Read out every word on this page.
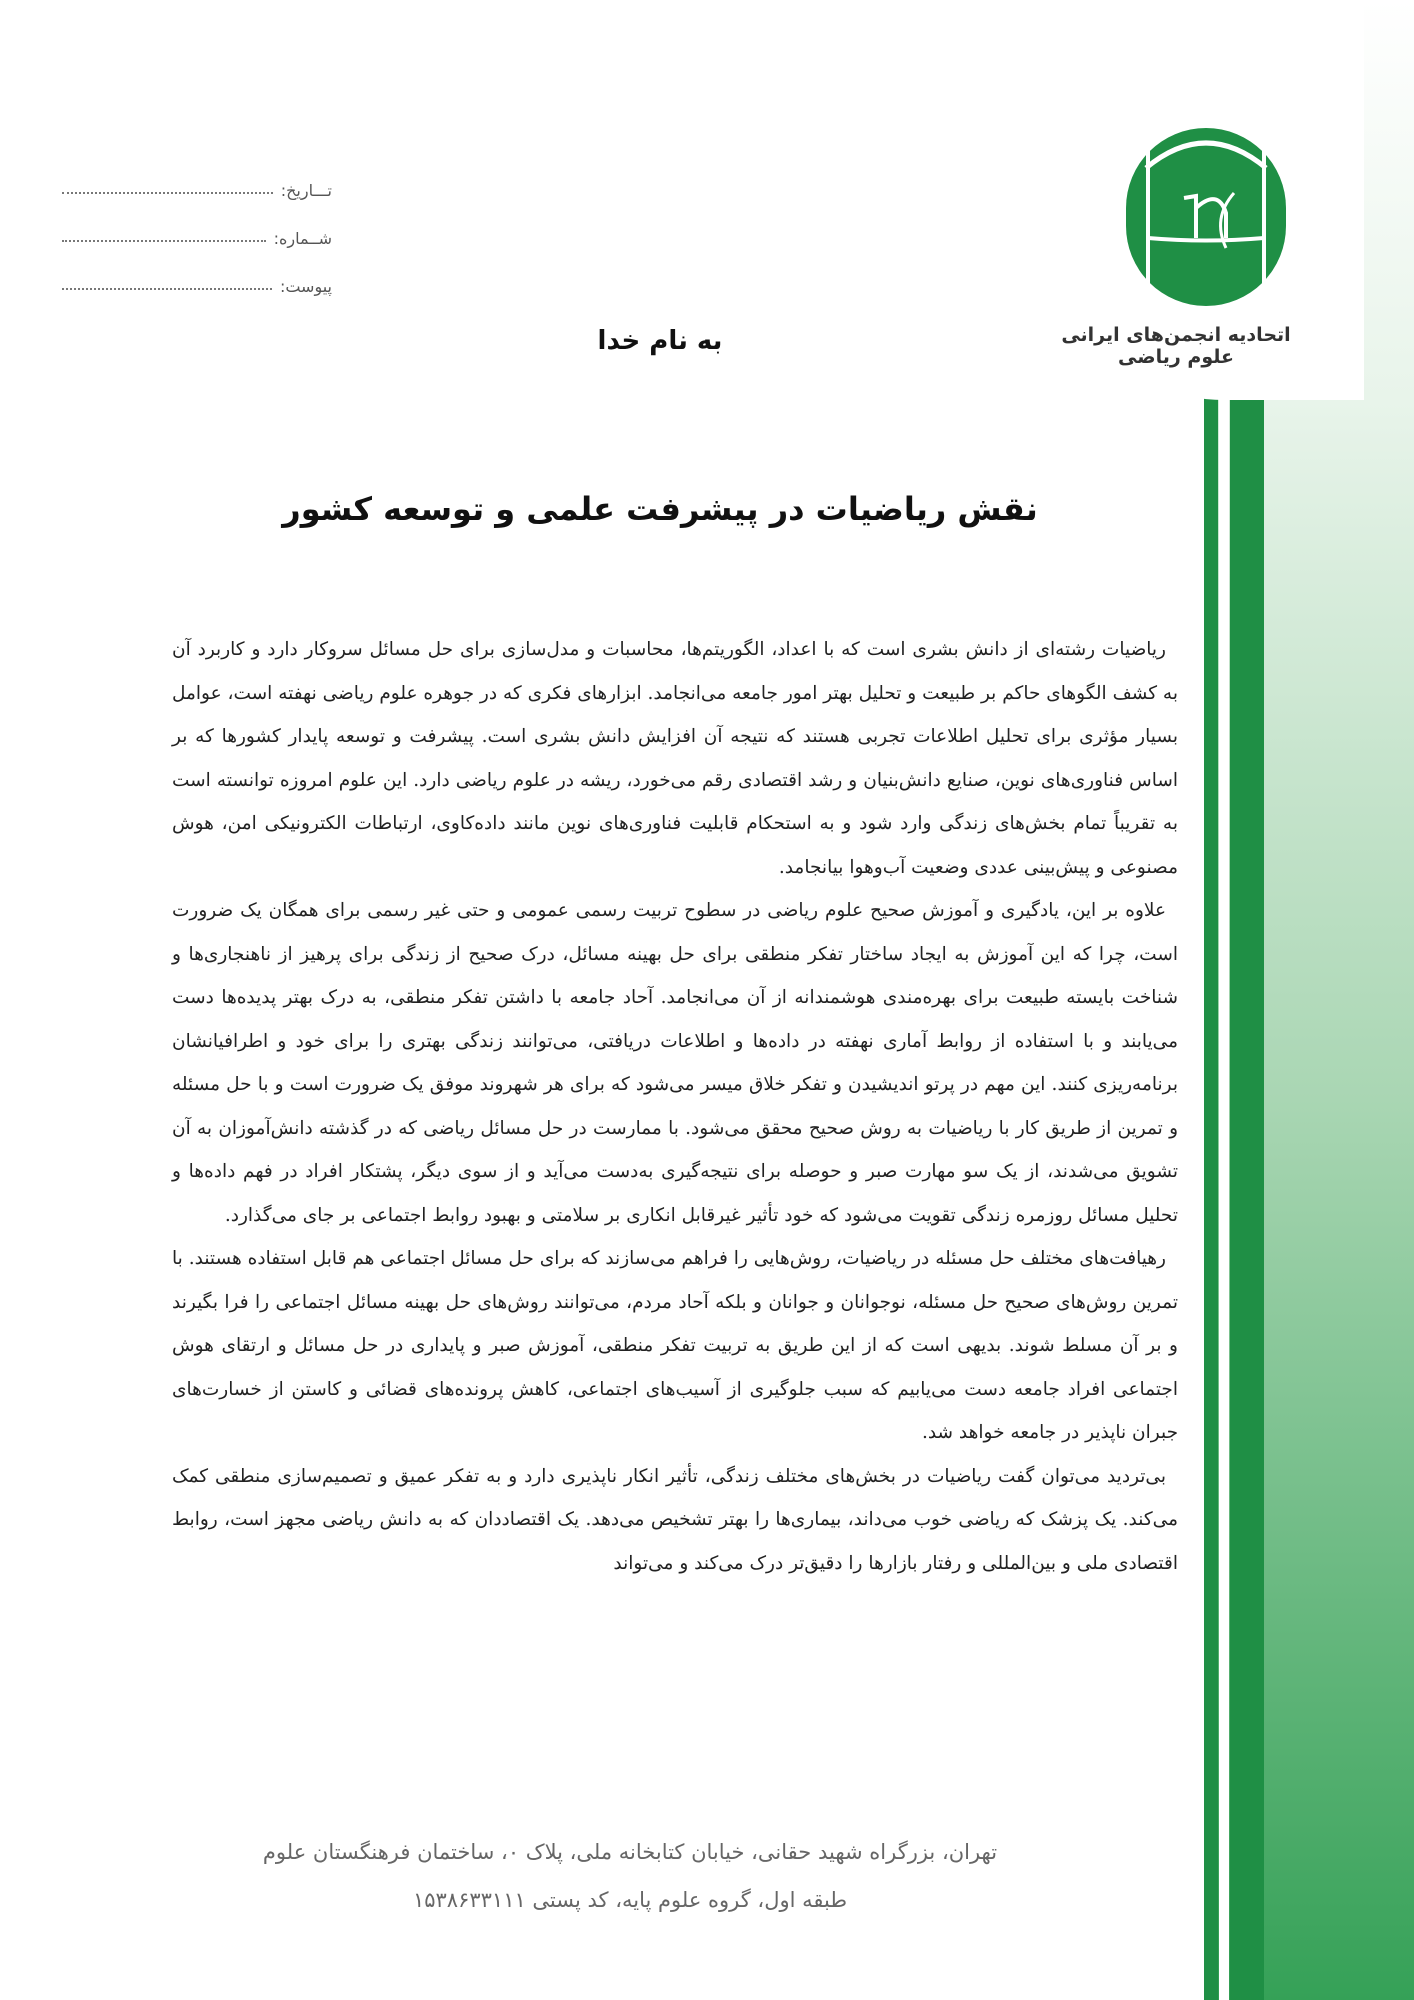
اتحادیه انجمن‌های ایرانی علوم ریاضی
تـــاریخ:
شــماره:
پیوست:
به نام خدا
نقش ریاضیات در پیشرفت علمی و توسعه کشور

ریاضیات رشته‌ای از دانش بشری است که با اعداد، الگوریتم‌ها، محاسبات و مدل‌سازی برای حل مسائل سروکار دارد و کاربرد آن به کشف الگوهای حاکم بر طبیعت و تحلیل بهتر امور جامعه می‌انجامد. ابزارهای فکری که در جوهره علوم ریاضی نهفته است، عوامل بسیار مؤثری برای تحلیل اطلاعات تجربی هستند که نتیجه آن افزایش دانش بشری است. پیشرفت و توسعه پایدار کشورها که بر اساس فناوری‌های نوین، صنایع دانش‌بنیان و رشد اقتصادی رقم می‌خورد، ریشه در علوم ریاضی دارد. این علوم امروزه توانسته است به تقریباً تمام بخش‌های زندگی وارد شود و به استحکام قابلیت فناوری‌های نوین مانند داده‌کاوی، ارتباطات الکترونیکی امن، هوش مصنوعی و پیش‌بینی عددی وضعیت آب‌وهوا بیانجامد.

علاوه بر این، یادگیری و آموزش صحیح علوم ریاضی در سطوح تربیت رسمی عمومی و حتی غیر رسمی برای همگان یک ضرورت است، چرا که این آموزش به ایجاد ساختار تفکر منطقی برای حل بهینه مسائل، درک صحیح از زندگی برای پرهیز از ناهنجاری‌ها و شناخت بایسته طبیعت برای بهره‌مندی هوشمندانه از آن می‌انجامد. آحاد جامعه با داشتن تفکر منطقی، به درک بهتر پدیده‌ها دست می‌یابند و با استفاده از روابط آماری نهفته در داده‌ها و اطلاعات دریافتی، می‌توانند زندگی بهتری را برای خود و اطرافیانشان برنامه‌ریزی کنند. این مهم در پرتو اندیشیدن و تفکر خلاق میسر می‌شود که برای هر شهروند موفق یک ضرورت است و با حل مسئله و تمرین از طریق کار با ریاضیات به روش صحیح محقق می‌شود. با ممارست در حل مسائل ریاضی که در گذشته دانش‌آموزان به آن تشویق می‌شدند، از یک سو مهارت صبر و حوصله برای نتیجه‌گیری به‌دست می‌آید و از سوی دیگر، پشتکار افراد در فهم داده‌ها و تحلیل مسائل روزمره زندگی تقویت می‌شود که خود تأثیر غیرقابل انکاری بر سلامتی و بهبود روابط اجتماعی بر جای می‌گذارد.

رهیافت‌های مختلف حل مسئله در ریاضیات، روش‌هایی را فراهم می‌سازند که برای حل مسائل اجتماعی هم قابل استفاده هستند. با تمرین روش‌های صحیح حل مسئله، نوجوانان و جوانان و بلکه آحاد مردم، می‌توانند روش‌های حل بهینه مسائل اجتماعی را فرا بگیرند و بر آن مسلط شوند. بدیهی است که از این طریق به تربیت تفکر منطقی، آموزش صبر و پایداری در حل مسائل و ارتقای هوش اجتماعی افراد جامعه دست می‌یابیم که سبب جلوگیری از آسیب‌های اجتماعی، کاهش پرونده‌های قضائی و کاستن از خسارت‌های جبران ناپذیر در جامعه خواهد شد.

بی‌تردید می‌توان گفت ریاضیات در بخش‌های مختلف زندگی، تأثیر انکار ناپذیری دارد و به تفکر عمیق و تصمیم‌سازی منطقی کمک می‌کند. یک پزشک که ریاضی خوب می‌داند، بیماری‌ها را بهتر تشخیص می‌دهد. یک اقتصاددان که به دانش ریاضی مجهز است، روابط اقتصادی ملی و بین‌المللی و رفتار بازارها را دقیق‌تر درک می‌کند و می‌تواند

تهران، بزرگراه شهید حقانی، خیابان کتابخانه ملی، پلاک ۰، ساختمان فرهنگستان علوم
طبقه اول، گروه علوم پایه، کد پستی ۱۵۳۸۶۳۳۱۱۱
